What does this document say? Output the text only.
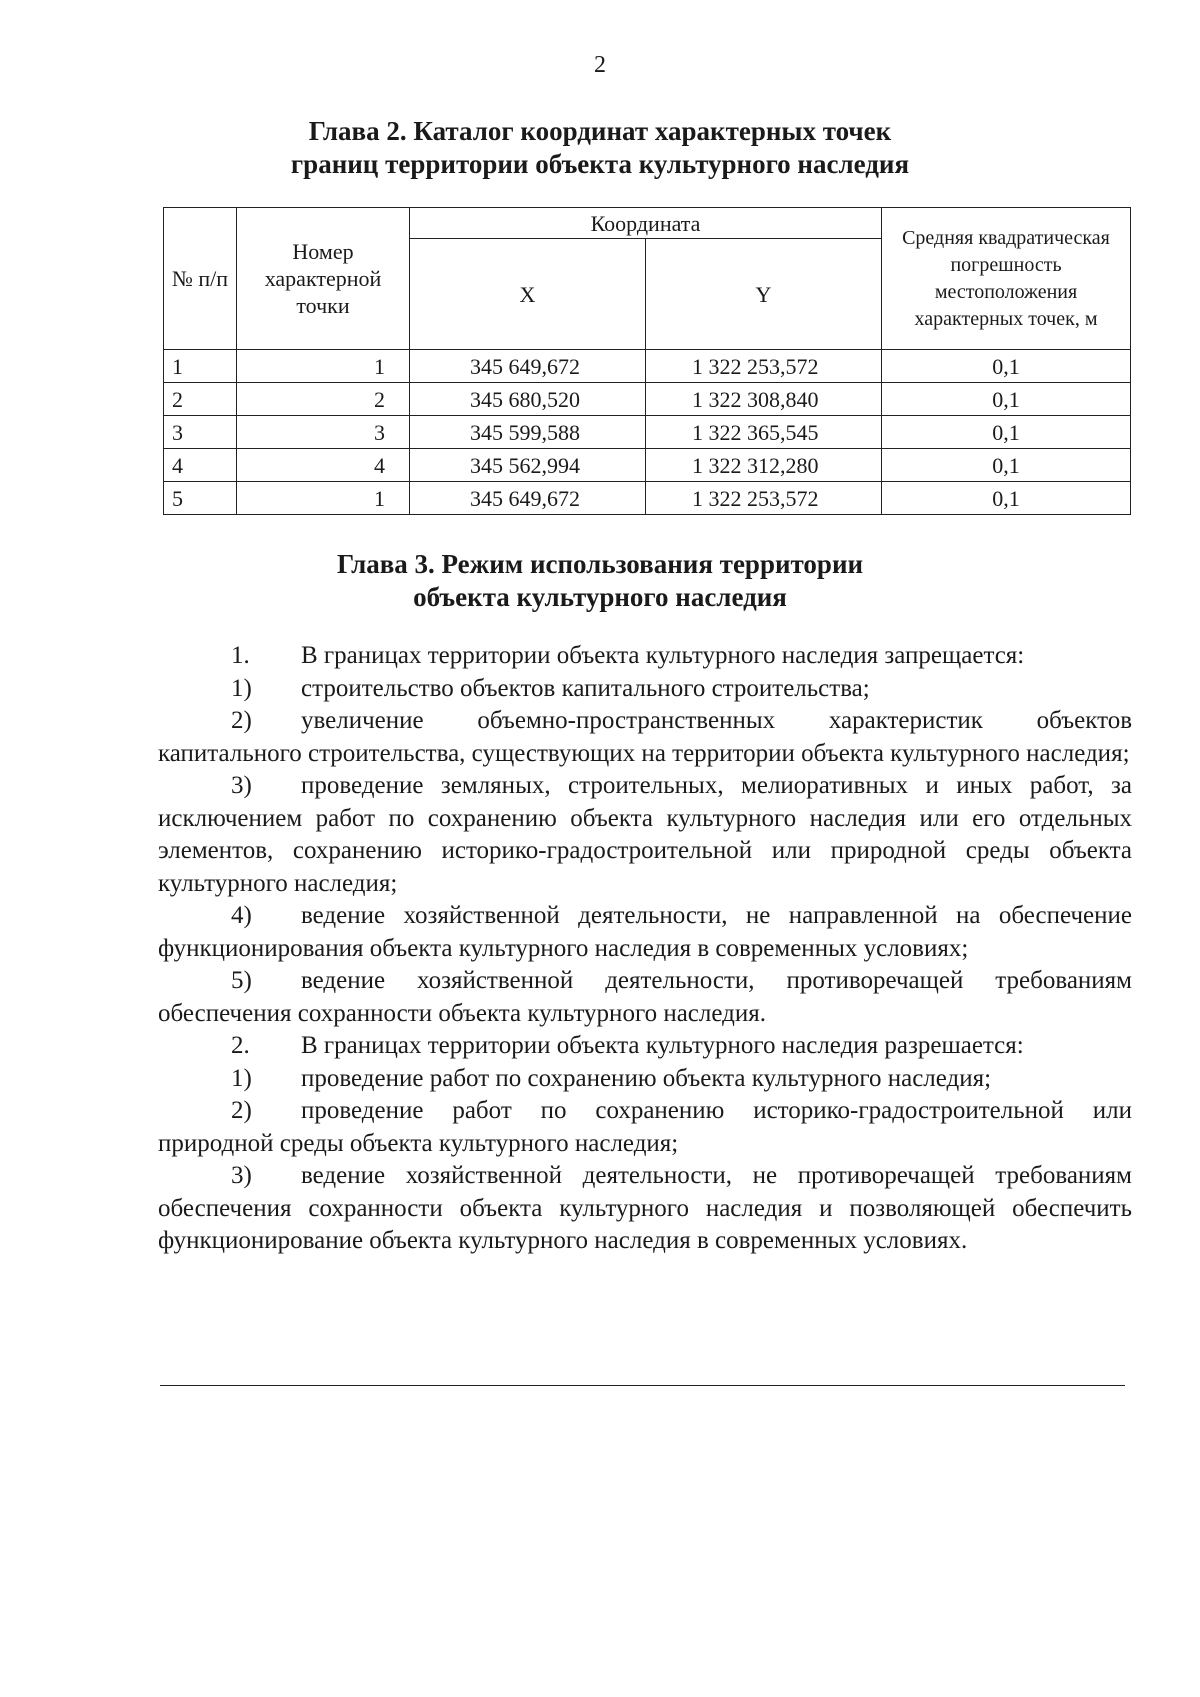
2
Глава 2. Каталог координат характерных точек
границ территории объекта культурного наследия
№ п/п	Номер характерной точки	Координата		Средняя квадратическая погрешность местоположения характерных точек, м
		X	Y	
1	1	345 649,672	1 322 253,572	0,1
2	2	345 680,520	1 322 308,840	0,1
3	3	345 599,588	1 322 365,545	0,1
4	4	345 562,994	1 322 312,280	0,1
5	1	345 649,672	1 322 253,572	0,1
Глава 3. Режим использования территории
объекта культурного наследия

1. В границах территории объекта культурного наследия запрещается:

1) строительство объектов капитального строительства;

2) увеличение объемно-пространственных характеристик объектов капитального строительства, существующих на территории объекта культурного наследия;

3) проведение земляных, строительных, мелиоративных и иных работ, за исключением работ по сохранению объекта культурного наследия или его отдельных элементов, сохранению историко-градостроительной или природной среды объекта культурного наследия;

4) ведение хозяйственной деятельности, не направленной на обеспечение функционирования объекта культурного наследия в современных условиях;

5) ведение хозяйственной деятельности, противоречащей требованиям обеспечения сохранности объекта культурного наследия.

2. В границах территории объекта культурного наследия разрешается:

1) проведение работ по сохранению объекта культурного наследия;

2) проведение работ по сохранению историко-градостроительной или природной среды объекта культурного наследия;

3) ведение хозяйственной деятельности, не противоречащей требованиям обеспечения сохранности объекта культурного наследия и позволяющей обеспечить функционирование объекта культурного наследия в современных условиях.
